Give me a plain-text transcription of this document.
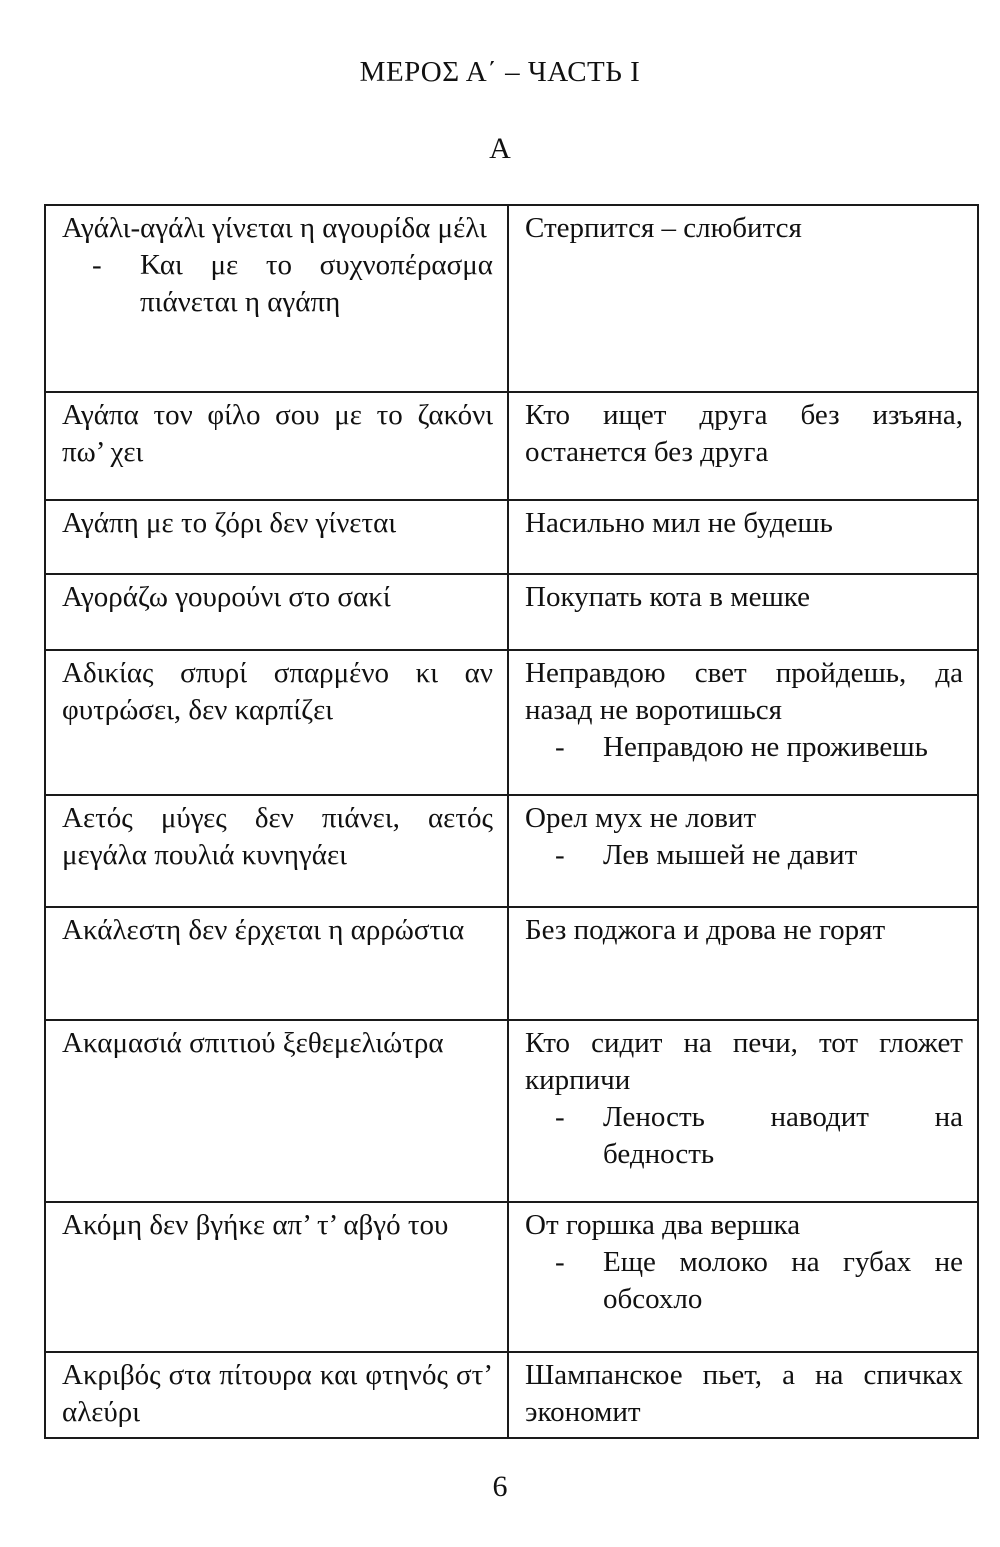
ΜΕΡΟΣ Α΄ – ЧАСТЬ I
A
Αγάλι-αγάλι γίνεται η αγουρίδα μέλι
- Και με το συχνοπέρασμα πιάνεται η αγάπη	Стерпится – слюбится

Αγάπα τον φίλο σου με το ζακόνι πω’ χει	Кто ищет друга без изъяна, останется без друга

Αγάπη με το ζόρι δεν γίνεται	Насильно мил не будешь

Αγοράζω γουρούνι στο σακί	Покупать кота в мешке

Αδικίας σπυρί σπαρμένο κι αν φυτρώσει, δεν καρπίζει	Неправдою свет пройдешь, да назад не воротишься
- Неправдою не проживешь

Αετός μύγες δεν πιάνει, αετός μεγάλα πουλιά κυνηγάει	Орел мух не ловит
- Лев мышей не давит

Ακάλεστη δεν έρχεται η αρρώστια	Без поджога и дрова не горят

Ακαμασιά σπιτιού ξεθεμελιώτρα	Кто сидит на печи, тот гложет кирпичи
- Леность наводит на бедность

Ακόμη δεν βγήκε απ’ τ’ αβγό του	От горшка два вершка
- Еще молоко на губах не обсохло

Ακριβός στα πίτουρα και φτηνός στ’ αλεύρι	Шампанское пьет, а на спичках экономит
6
